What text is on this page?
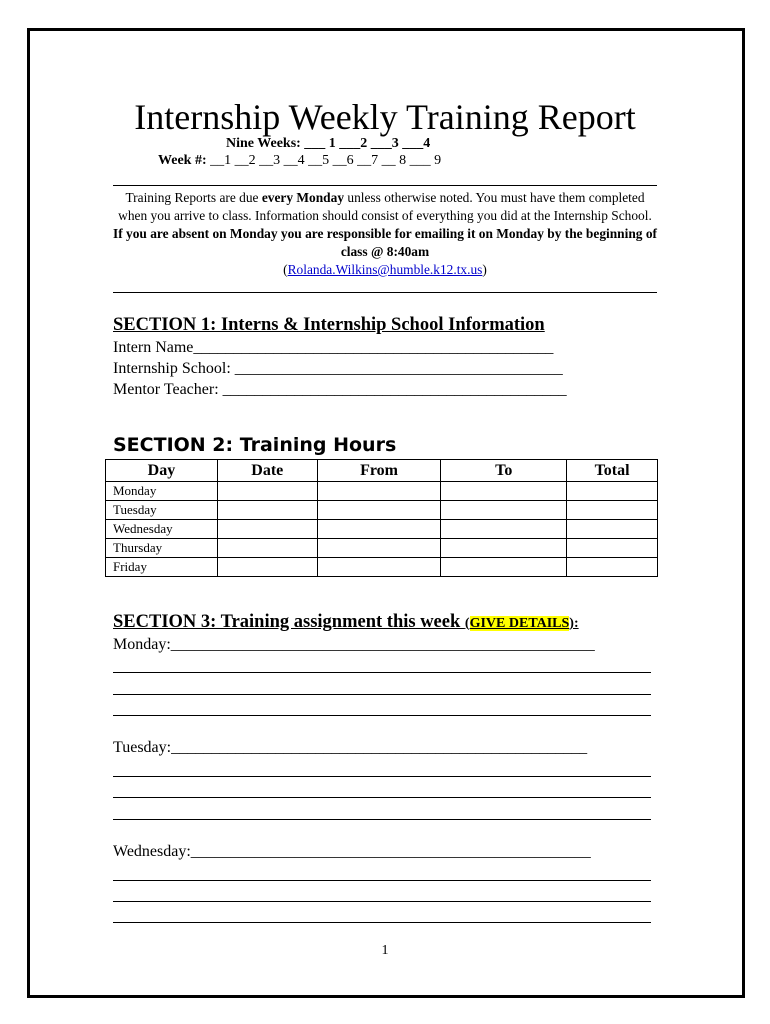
Internship Weekly Training Report
Nine Weeks: ___ 1 ___2 ___3 ___4
Week #: __1 __2 __3 __4 __5 __6 __7 __ 8 ___ 9
Training Reports are due every Monday unless otherwise noted. You must have them completed when you arrive to class. Information should consist of everything you did at the Internship School. If you are absent on Monday you are responsible for emailing it on Monday by the beginning of class @ 8:40am
(Rolanda.Wilkins@humble.k12.tx.us)
SECTION 1: Interns & Internship School Information
Intern Name_____________________________________________
Internship School: _________________________________________
Mentor Teacher: ___________________________________________
SECTION 2: Training Hours
Day	Date	From	To	Total
Monday				
Tuesday				
Wednesday				
Thursday				
Friday				
SECTION 3: Training assignment this week (GIVE DETAILS):
Monday:_____________________________________________________
Tuesday:____________________________________________________
Wednesday:__________________________________________________
1
